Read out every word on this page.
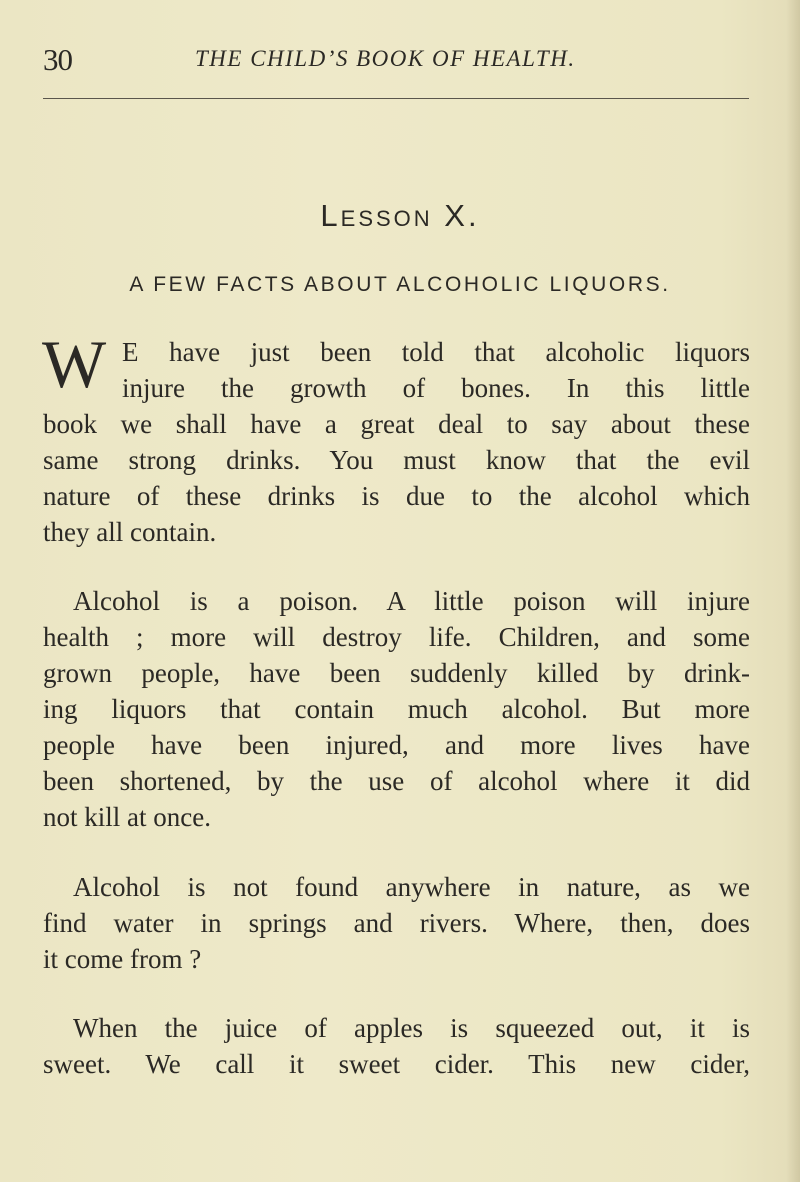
30	THE CHILD’S BOOK OF HEALTH.
Lesson X.
A FEW FACTS ABOUT ALCOHOLIC LIQUORS.
W E have just been told that alcoholic liquors
injure the growth of bones. In this little
book we shall have a great deal to say about these
same strong drinks. You must know that the evil
nature of these drinks is due to the alcohol which
they all contain.
Alcohol is a poison. A little poison will injure
health ; more will destroy life. Children, and some
grown people, have been suddenly killed by drink-
ing liquors that contain much alcohol. But more
people have been injured, and more lives have
been shortened, by the use of alcohol where it did
not kill at once.
Alcohol is not found anywhere in nature, as we
find water in springs and rivers. Where, then, does
it come from ?
When the juice of apples is squeezed out, it is
sweet. We call it sweet cider. This new cider,
